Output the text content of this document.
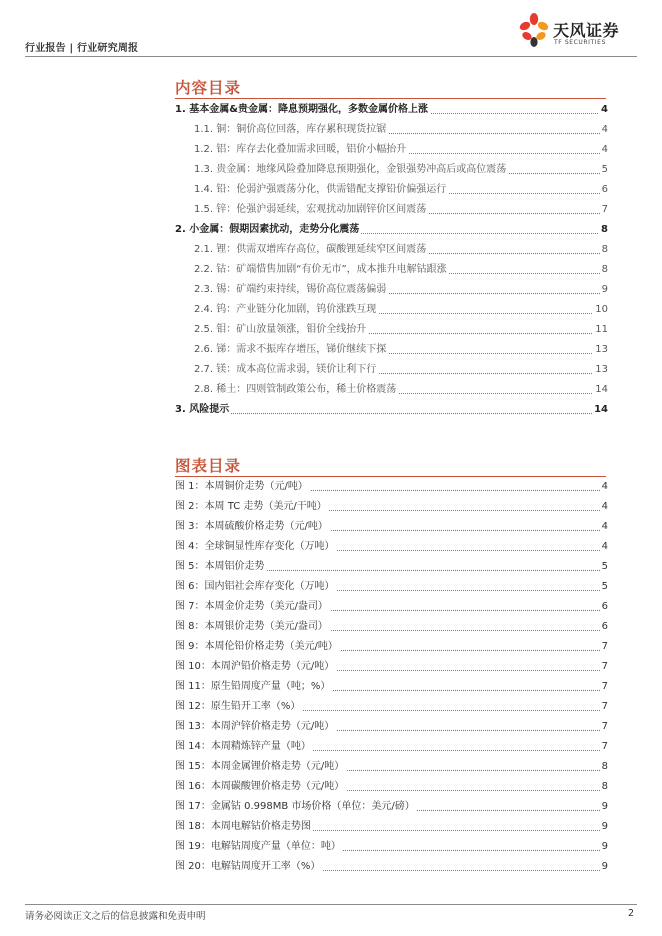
行业报告 | 行业研究周报
天风证券
TF SECURITIES
内容目录
1. 基本金属&贵金属：降息预期强化，多数金属价格上涨	4
1.1. 铜：铜价高位回落，库存累积现货拉锯	4
1.2. 铝：库存去化叠加需求回暖，铝价小幅抬升	4
1.3. 贵金属：地缘风险叠加降息预期强化，金银强势冲高后或高位震荡	5
1.4. 铅：伦弱沪强震荡分化，供需错配支撑铅价偏强运行	6
1.5. 锌：伦强沪弱延续，宏观扰动加剧锌价区间震荡	7
2. 小金属：假期因素扰动，走势分化震荡	8
2.1. 锂：供需双增库存高位，碳酸锂延续窄区间震荡	8
2.2. 钴：矿端惜售加剧“有价无市”，成本推升电解钴跟涨	8
2.3. 锡：矿端约束持续，锡价高位震荡偏弱	9
2.4. 钨：产业链分化加剧，钨价涨跌互现	10
2.5. 钼：矿山放量领涨，钼价全线抬升	11
2.6. 锑：需求不振库存增压，锑价继续下探	13
2.7. 镁：成本高位需求弱，镁价让利下行	13
2.8. 稀土：四则管制政策公布，稀土价格震荡	14
3. 风险提示	14
图表目录
图 1：本周铜价走势（元/吨）	4
图 2：本周 TC 走势（美元/干吨）	4
图 3：本周硫酸价格走势（元/吨）	4
图 4：全球铜显性库存变化（万吨）	4
图 5：本周铝价走势	5
图 6：国内铝社会库存变化（万吨）	5
图 7：本周金价走势（美元/盎司）	6
图 8：本周银价走势（美元/盎司）	6
图 9：本周伦铅价格走势（美元/吨）	7
图 10：本周沪铅价格走势（元/吨）	7
图 11：原生铅周度产量（吨；%）	7
图 12：原生铅开工率（%）	7
图 13：本周沪锌价格走势（元/吨）	7
图 14：本周精炼锌产量（吨）	7
图 15：本周金属锂价格走势（元/吨）	8
图 16：本周碳酸锂价格走势（元/吨）	8
图 17：金属钴 0.998MB 市场价格（单位：美元/磅）	9
图 18：本周电解钴价格走势图	9
图 19：电解钴周度产量（单位：吨）	9
图 20：电解钴周度开工率（%）	9
请务必阅读正文之后的信息披露和免责申明	2
